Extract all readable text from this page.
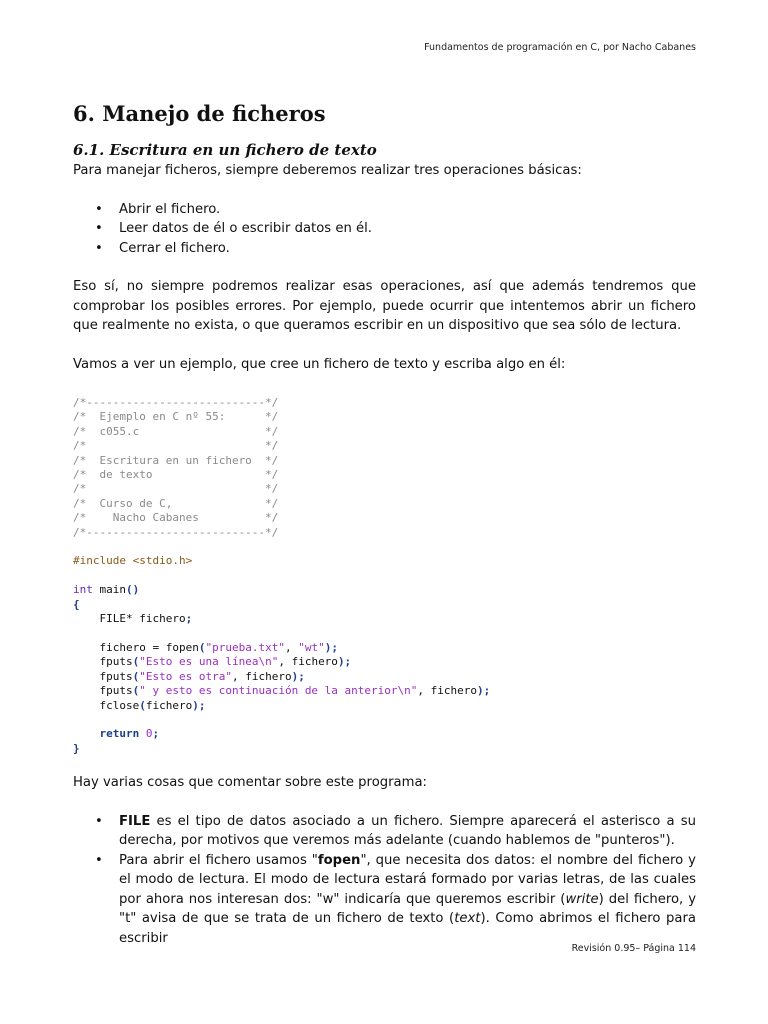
Fundamentos de programación en C, por Nacho Cabanes
6. Manejo de ficheros
6.1. Escritura en un fichero de texto

Para manejar ficheros, siempre deberemos realizar tres operaciones básicas:

• Abrir el fichero.
• Leer datos de él o escribir datos en él.
• Cerrar el fichero.

Eso sí, no siempre podremos realizar esas operaciones, así que además tendremos que comprobar los posibles errores. Por ejemplo, puede ocurrir que intentemos abrir un fichero que realmente no exista, o que queramos escribir en un dispositivo que sea sólo de lectura.

Vamos a ver un ejemplo, que cree un fichero de texto y escriba algo en él:

/*---------------------------*/
/*  Ejemplo en C nº 55:      */
/*  c055.c                   */
/*                           */
/*  Escritura en un fichero  */
/*  de texto                 */
/*                           */
/*  Curso de C,              */
/*    Nacho Cabanes          */
/*---------------------------*/

#include <stdio.h>

int main()
{
FILE* fichero;

fichero = fopen("prueba.txt", "wt");
fputs("Esto es una línea\n", fichero);
fputs("Esto es otra", fichero);
fputs(" y esto es continuación de la anterior\n", fichero);
fclose(fichero);

return 0;
}

Hay varias cosas que comentar sobre este programa:

• FILE es el tipo de datos asociado a un fichero. Siempre aparecerá el asterisco a su derecha, por motivos que veremos más adelante (cuando hablemos de "punteros").
• Para abrir el fichero usamos "fopen", que necesita dos datos: el nombre del fichero y el modo de lectura. El modo de lectura estará formado por varias letras, de las cuales por ahora nos interesan dos: "w" indicaría que queremos escribir (write) del fichero, y "t" avisa de que se trata de un fichero de texto (text). Como abrimos el fichero para escribir
Revisión 0.95– Página 114
